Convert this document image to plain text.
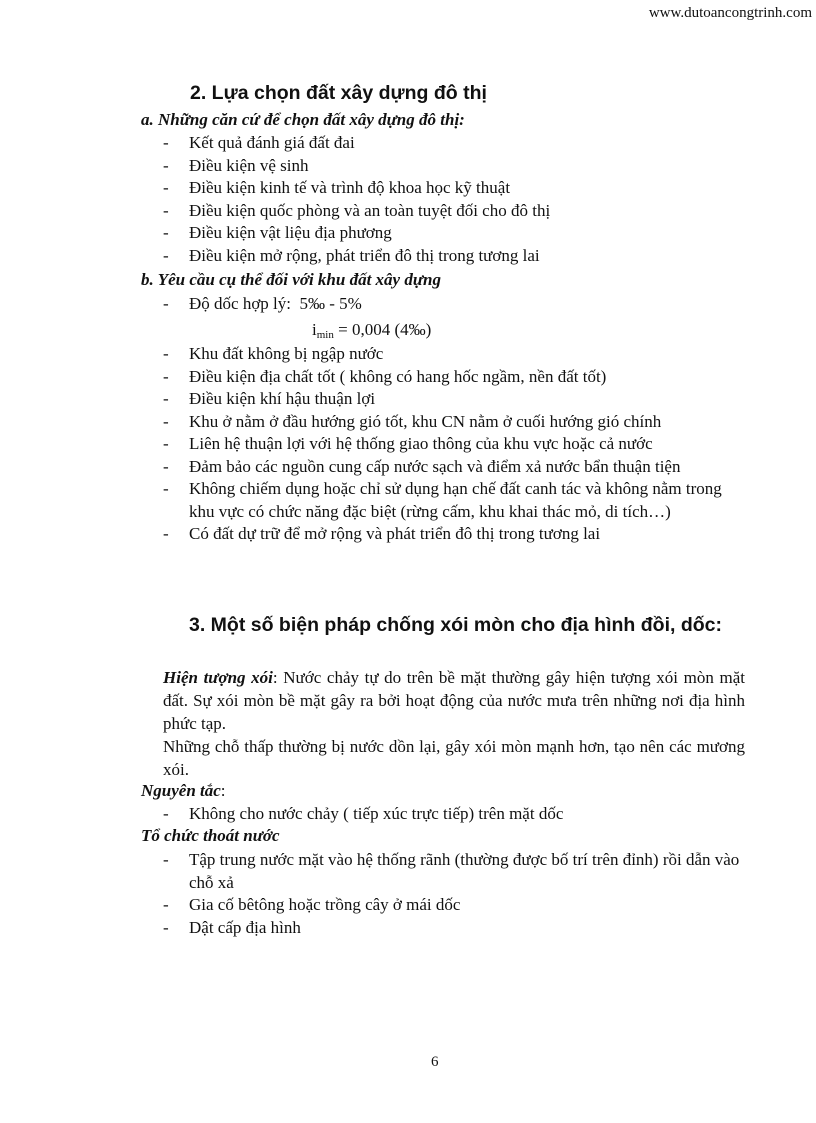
www.dutoancongtrinh.com
2. Lựa chọn đất xây dựng đô thị
a. Những căn cứ để chọn đất xây dựng đô thị:
- Kết quả đánh giá đất đai
- Điều kiện vệ sinh
- Điều kiện kinh tế và trình độ khoa học kỹ thuật
- Điều kiện quốc phòng và an toàn tuyệt đối cho đô thị
- Điều kiện vật liệu địa phương
- Điều kiện mở rộng, phát triển đô thị trong tương lai
b. Yêu cầu cụ thể đối với khu đất xây dựng
- Độ dốc hợp lý: 5‰ - 5%
$i_{min} = 0,004$ (4‰)
- Khu đất không bị ngập nước
- Điều kiện địa chất tốt ( không có hang hốc ngầm, nền đất tốt)
- Điều kiện khí hậu thuận lợi
- Khu ở nằm ở đầu hướng gió tốt, khu CN nằm ở cuối hướng gió chính
- Liên hệ thuận lợi với hệ thống giao thông của khu vực hoặc cả nước
- Đảm bảo các nguồn cung cấp nước sạch và điểm xả nước bẩn thuận tiện
- Không chiếm dụng hoặc chỉ sử dụng hạn chế đất canh tác và không nằm trong khu vực có chức năng đặc biệt (rừng cấm, khu khai thác mỏ, di tích…)
- Có đất dự trữ để mở rộng và phát triển đô thị trong tương lai
3. Một số biện pháp chống xói mòn cho địa hình đồi, dốc:
Hiện tượng xói: Nước chảy tự do trên bề mặt thường gây hiện tượng xói mòn mặt đất. Sự xói mòn bề mặt gây ra bởi hoạt động của nước mưa trên những nơi địa hình phức tạp.
Những chỗ thấp thường bị nước dồn lại, gây xói mòn mạnh hơn, tạo nên các mương xói.
Nguyên tắc:
- Không cho nước chảy ( tiếp xúc trực tiếp) trên mặt dốc
Tổ chức thoát nước
- Tập trung nước mặt vào hệ thống rãnh (thường được bố trí trên đỉnh) rồi dẫn vào chỗ xả
- Gia cố bêtông hoặc trồng cây ở mái dốc
- Dật cấp địa hình
6
